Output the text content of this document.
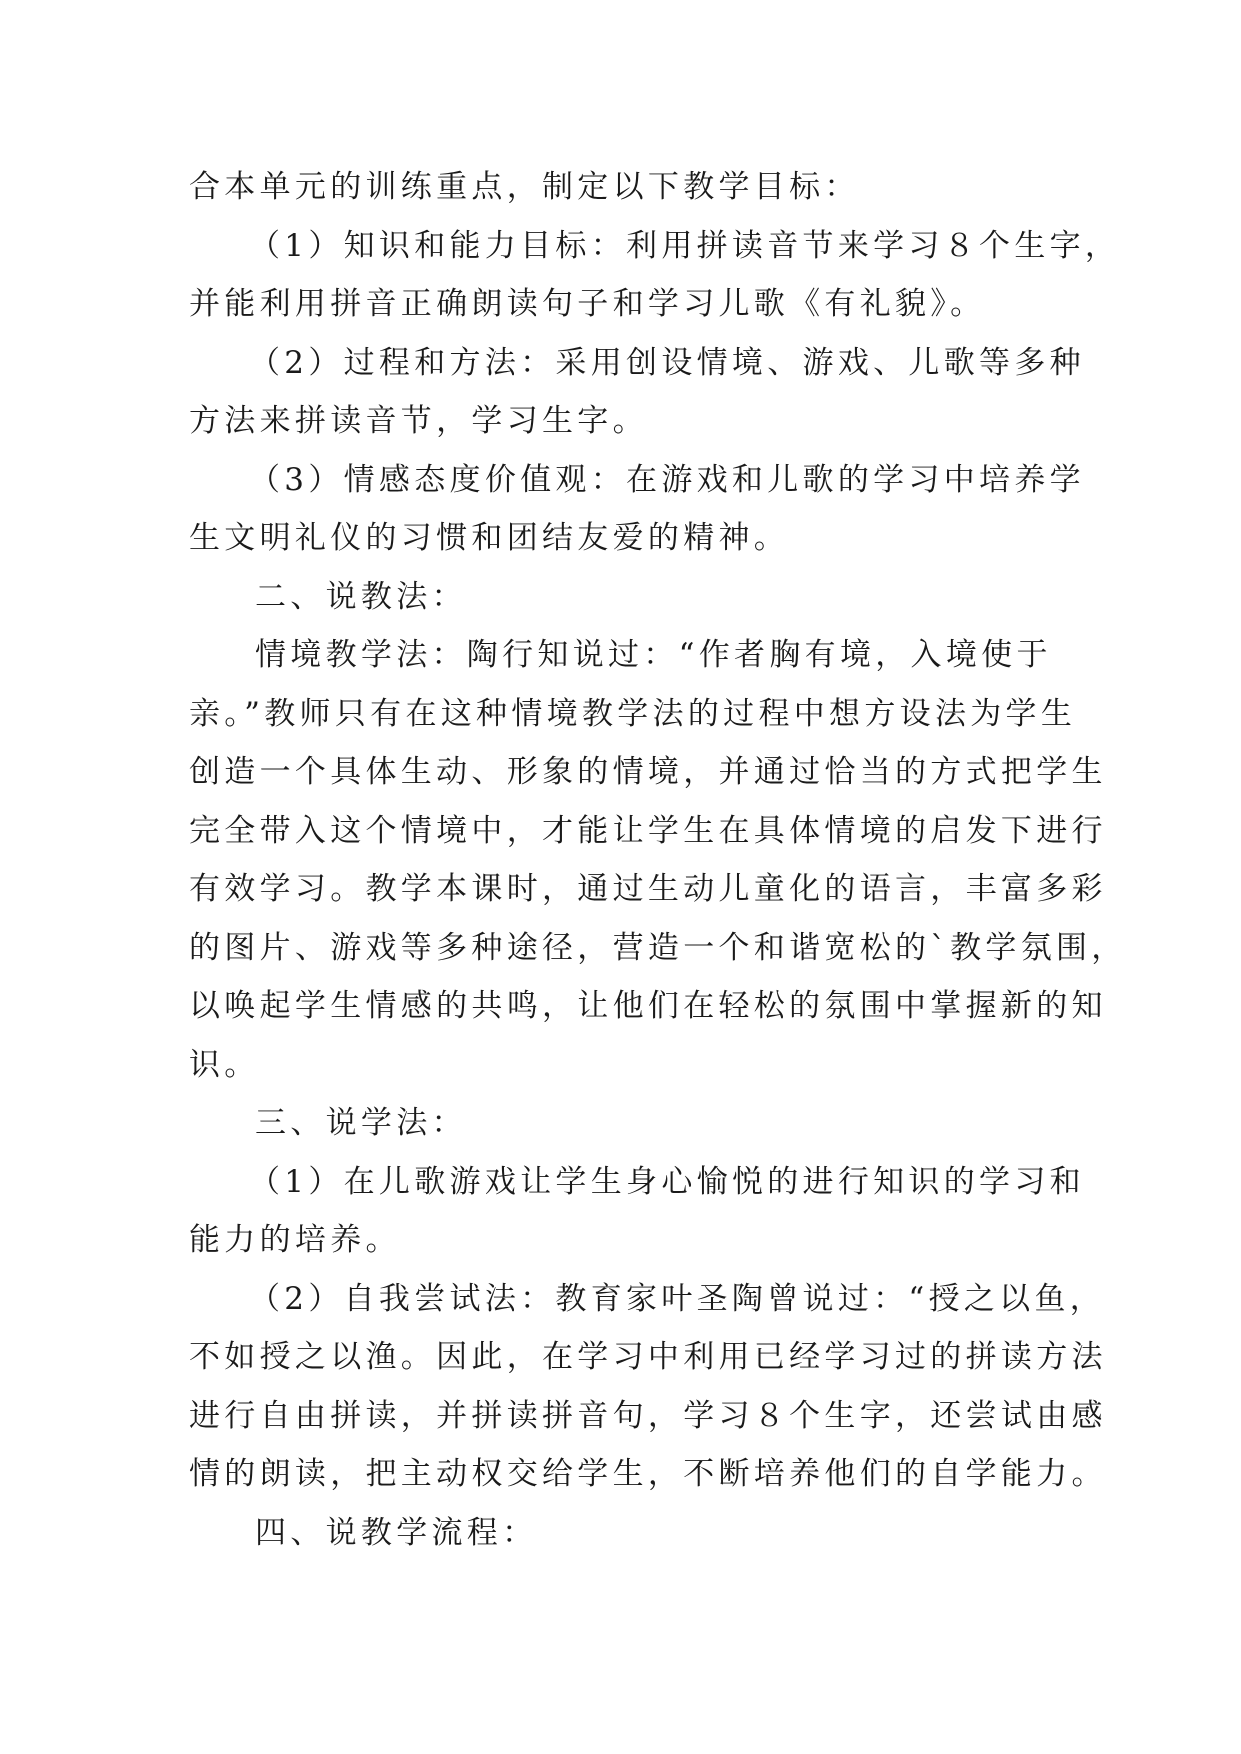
合本单元的训练重点，制定以下教学目标：
（1）知识和能力目标：利用拼读音节来学习８个生字，
并能利用拼音正确朗读句子和学习儿歌《有礼貌》。
（2）过程和方法：采用创设情境、游戏、儿歌等多种
方法来拼读音节，学习生字。
（3）情感态度价值观：在游戏和儿歌的学习中培养学
生文明礼仪的习惯和团结友爱的精神。
二、说教法：
情境教学法：陶行知说过：“作者胸有境，入境使于
亲。”教师只有在这种情境教学法的过程中想方设法为学生
创造一个具体生动、形象的情境，并通过恰当的方式把学生
完全带入这个情境中，才能让学生在具体情境的启发下进行
有效学习。教学本课时，通过生动儿童化的语言，丰富多彩
的图片、游戏等多种途径，营造一个和谐宽松的`教学氛围，
以唤起学生情感的共鸣，让他们在轻松的氛围中掌握新的知
识。
三、说学法：
（1）在儿歌游戏让学生身心愉悦的进行知识的学习和
能力的培养。
（2）自我尝试法：教育家叶圣陶曾说过：“授之以鱼，
不如授之以渔。因此，在学习中利用已经学习过的拼读方法
进行自由拼读，并拼读拼音句，学习８个生字，还尝试由感
情的朗读，把主动权交给学生，不断培养他们的自学能力。
四、说教学流程：
